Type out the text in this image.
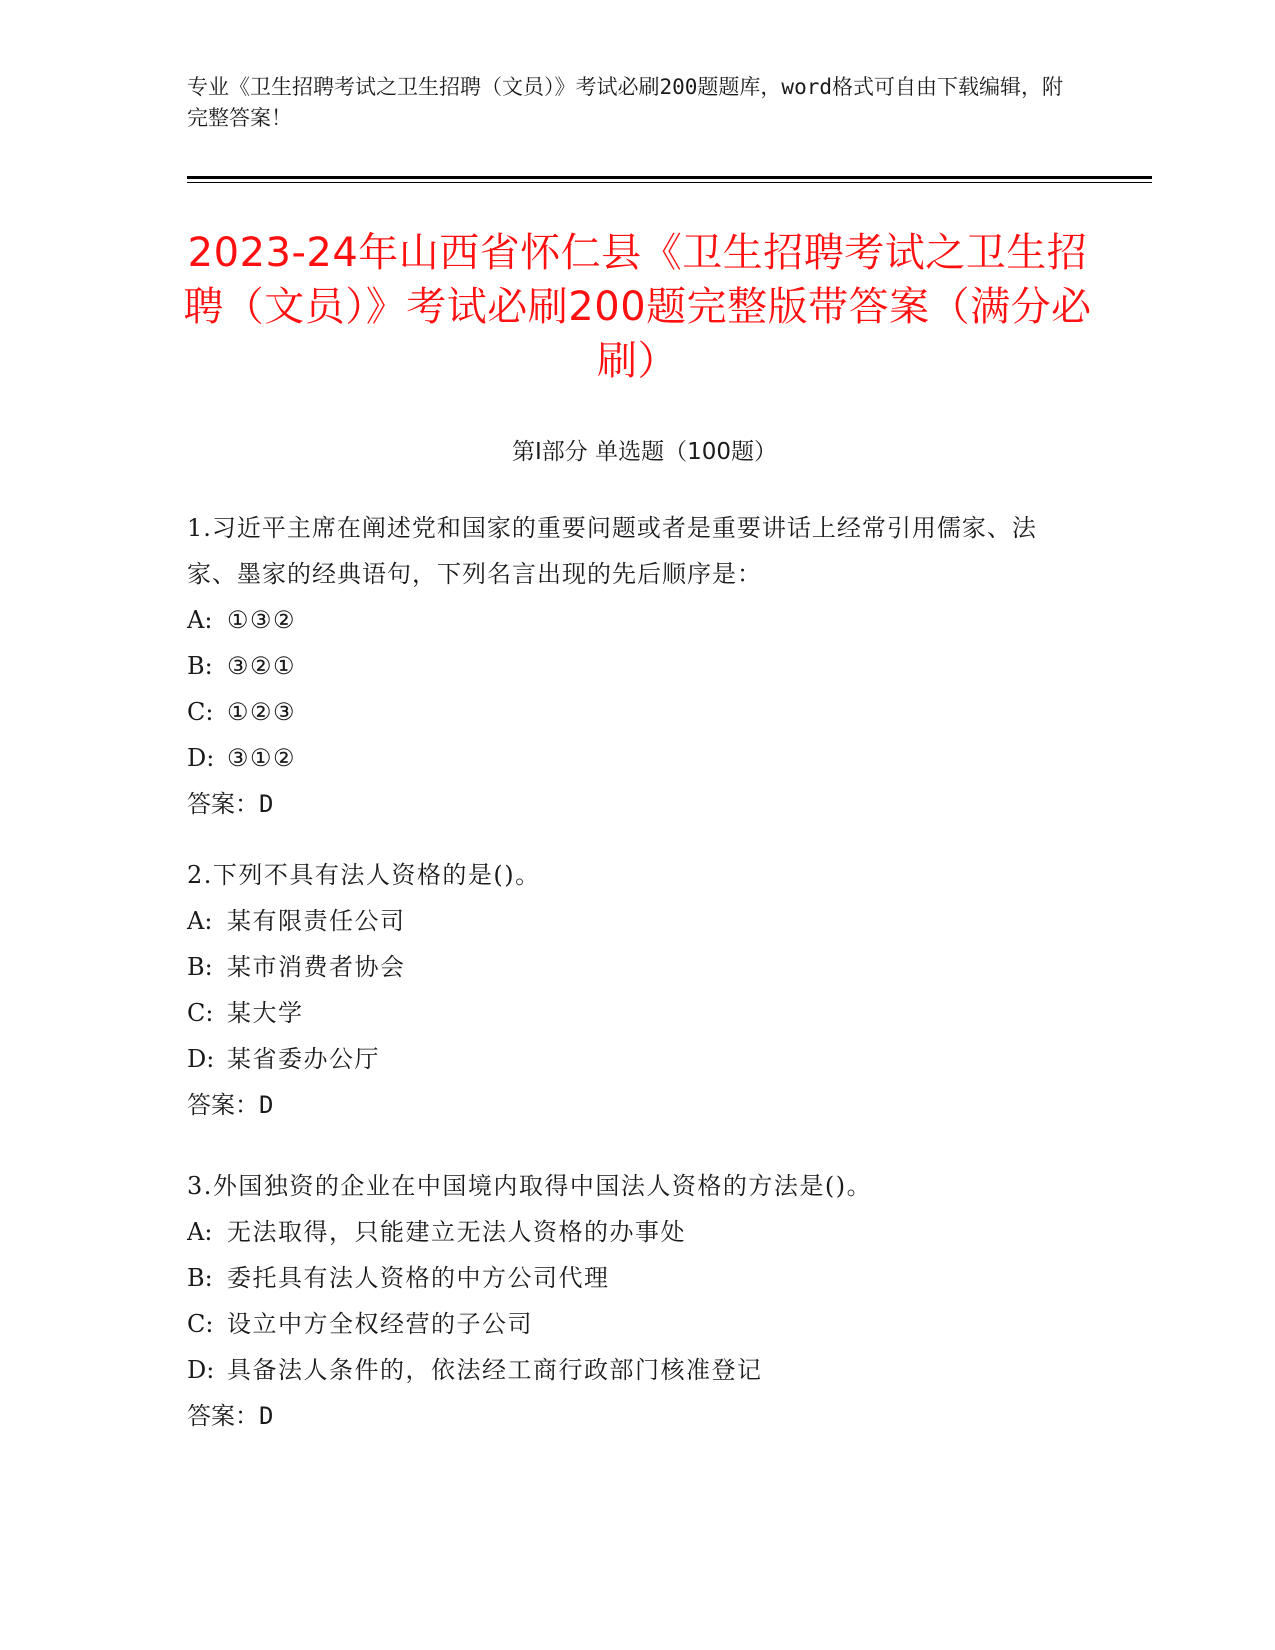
专业《卫生招聘考试之卫生招聘（文员）》考试必刷200题题库，word格式可自由下载编辑，附完整答案！
2023-24年山西省怀仁县《卫生招聘考试之卫生招聘（文员）》考试必刷200题完整版带答案（满分必刷）
第Ⅰ部分 单选题（100题）
1.习近平主席在阐述党和国家的重要问题或者是重要讲话上经常引用儒家、法家、墨家的经典语句，下列名言出现的先后顺序是：
A: ①③②
B: ③②①
C: ①②③
D: ③①②
答案：D
2.下列不具有法人资格的是()。
A: 某有限责任公司
B: 某市消费者协会
C: 某大学
D: 某省委办公厅
答案：D
3.外国独资的企业在中国境内取得中国法人资格的方法是()。
A: 无法取得，只能建立无法人资格的办事处
B: 委托具有法人资格的中方公司代理
C: 设立中方全权经营的子公司
D: 具备法人条件的，依法经工商行政部门核准登记
答案：D
